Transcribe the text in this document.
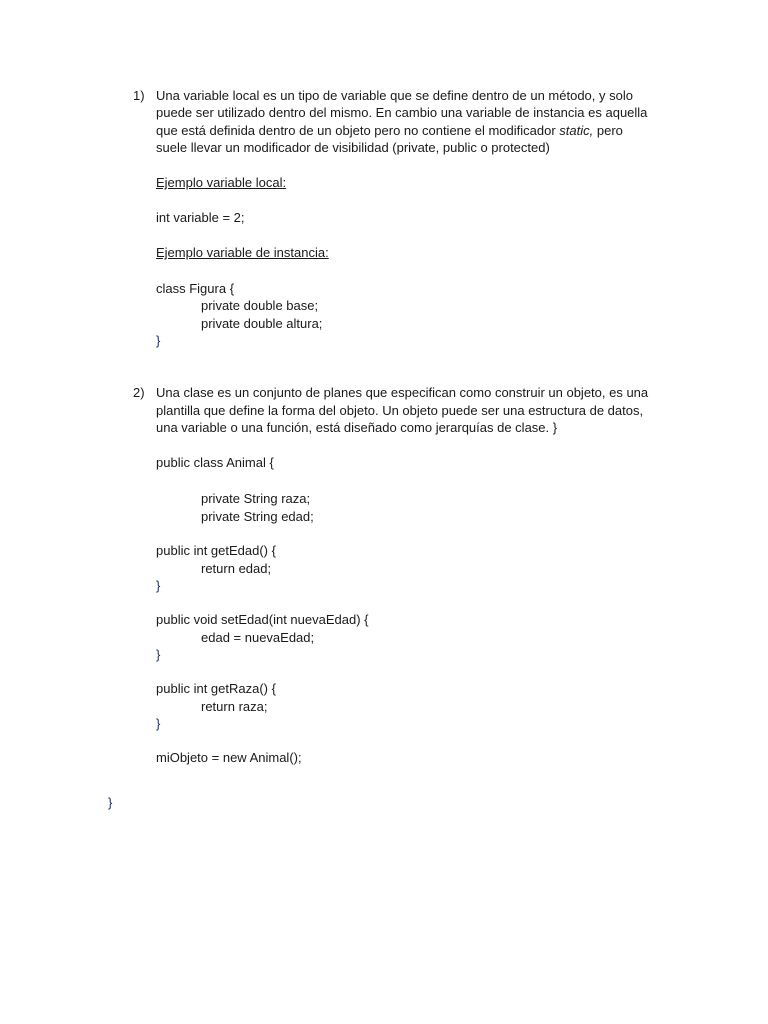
1) Una variable local es un tipo de variable que se define dentro de un método, y solo
puede ser utilizado dentro del mismo. En cambio una variable de instancia es aquella
que está definida dentro de un objeto pero no contiene el modificador static, pero
suele llevar un modificador de visibilidad (private, public o protected)
Ejemplo variable local:
int variable = 2;
Ejemplo variable de instancia:
class Figura {
private double base;
private double altura;
}
2) Una clase es un conjunto de planes que especifican como construir un objeto, es una
plantilla que define la forma del objeto. Un objeto puede ser una estructura de datos,
una variable o una función, está diseñado como jerarquías de clase. }
public class Animal {
private String raza;
private String edad;
public int getEdad() {
return edad;
}
public void setEdad(int nuevaEdad) {
edad = nuevaEdad;
}
public int getRaza() {
return raza;
}
miObjeto = new Animal();
}
